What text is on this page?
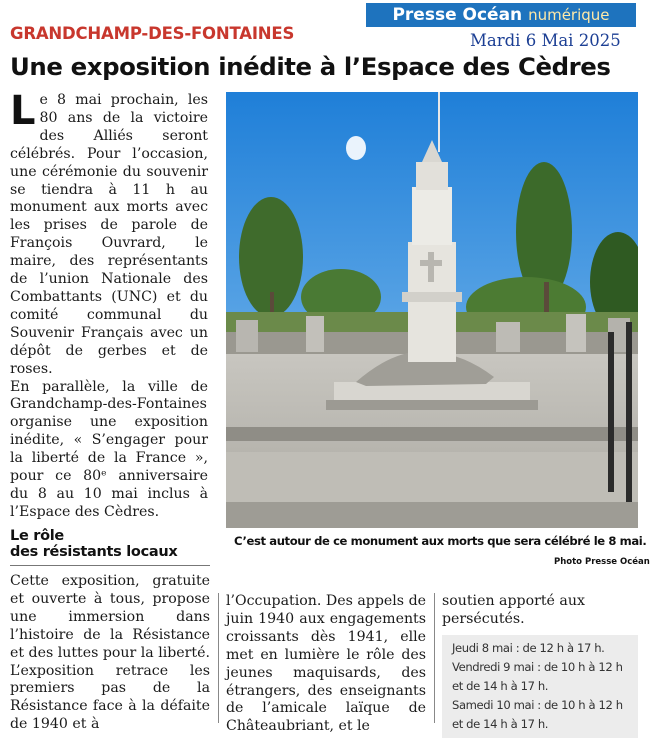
GRANDCHAMP-DES-FONTAINES
Presse Océan numérique
Mardi 6 Mai 2025
Une exposition inédite à l’Espace des Cèdres

Le 8 mai prochain, les 80 ans de la victoire des Alliés seront célébrés. Pour l’occasion, une cérémonie du souvenir se tiendra à 11 h au monument aux morts avec les prises de parole de François Ouvrard, le maire, des représentants de l’union Nationale des Combattants (UNC) et du comité communal du Souvenir Français avec un dépôt de gerbes et de roses.

En parallèle, la ville de Grandchamp-des-Fontaines organise une exposition inédite, « S’engager pour la liberté de la France », pour ce 80ᵉ anniversaire du 8 au 10 mai inclus à l’Espace des Cèdres.

Le rôle
des résistants locaux

Cette exposition, gratuite et ouverte à tous, propose une immersion dans l’histoire de la Résistance et des luttes pour la liberté.

L’exposition retrace les premiers pas de la Résistance face à la défaite de 1940 et à

l’Occupation. Des appels de juin 1940 aux engagements croissants dès 1941, elle met en lumière le rôle des jeunes maquisards, des étrangers, des enseignants de l’amicale laïque de Châteaubriant, et le

soutien apporté aux persécutés.

Jeudi 8 mai : de 12 h à 17 h. Vendredi 9 mai : de 10 h à 12 h et de 14 h à 17 h.
Samedi 10 mai : de 10 h à 12 h et de 14 h à 17 h.
C’est autour de ce monument aux morts que sera célébré le 8 mai.
Photo Presse Océan
